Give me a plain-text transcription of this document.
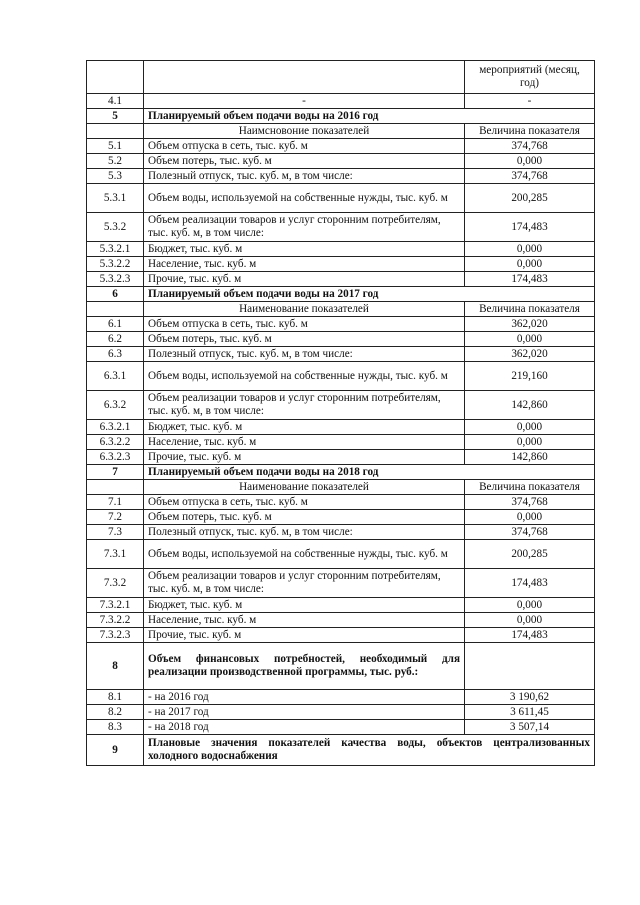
		мероприятий (месяц, год)
4.1	-	-
5	Планируемый объем подачи воды на 2016 год	
	Наимсновоние показателей	Величина показателя
5.1	Объем отпуска в сеть, тыс. куб. м	374,768
5.2	Объем потерь, тыс. куб. м	0,000
5.3	Полезный отпуск, тыс. куб. м, в том числе:	374,768
5.3.1	Объем воды, используемой на собственные нужды, тыс. куб. м	200,285
5.3.2	Объем реализации товаров и услуг сторонним потребителям, тыс. куб. м, в том числе:	174,483
5.3.2.1	Бюджет, тыс. куб. м	0,000
5.3.2.2	Население, тыс. куб. м	0,000
5.3.2.3	Прочие, тыс. куб. м	174,483
6	Планируемый объем подачи воды на 2017 год	
	Наименование показателей	Величина показателя
6.1	Объем отпуска в сеть, тыс. куб. м	362,020
6.2	Объем потерь, тыс. куб. м	0,000
6.3	Полезный отпуск, тыс. куб. м, в том числе:	362,020
6.3.1	Объем воды, используемой на собственные нужды, тыс. куб. м	219,160
6.3.2	Объем реализации товаров и услуг сторонним потребителям, тыс. куб. м, в том числе:	142,860
6.3.2.1	Бюджет, тыс. куб. м	0,000
6.3.2.2	Население, тыс. куб. м	0,000
6.3.2.3	Прочие, тыс. куб. м	142,860
7	Планируемый объем подачи воды на 2018 год	
	Наименование показателей	Величина показателя
7.1	Объем отпуска в сеть, тыс. куб. м	374,768
7.2	Объем потерь, тыс. куб. м	0,000
7.3	Полезный отпуск, тыс. куб. м, в том числе:	374,768
7.3.1	Объем воды, используемой на собственные нужды, тыс. куб. м	200,285
7.3.2	Объем реализации товаров и услуг сторонним потребителям, тыс. куб. м, в том числе:	174,483
7.3.2.1	Бюджет, тыс. куб. м	0,000
7.3.2.2	Население, тыс. куб. м	0,000
7.3.2.3	Прочие, тыс. куб. м	174,483
8	Объем финансовых потребностей, необходимый для реализации производственной программы, тыс. руб.:	
8.1	- на 2016 год	3 190,62
8.2	- на 2017 год	3 611,45
8.3	- на 2018 год	3 507,14
9	Плановые значения показателей качества воды, объектов централизованных холодного водоснабжения	
